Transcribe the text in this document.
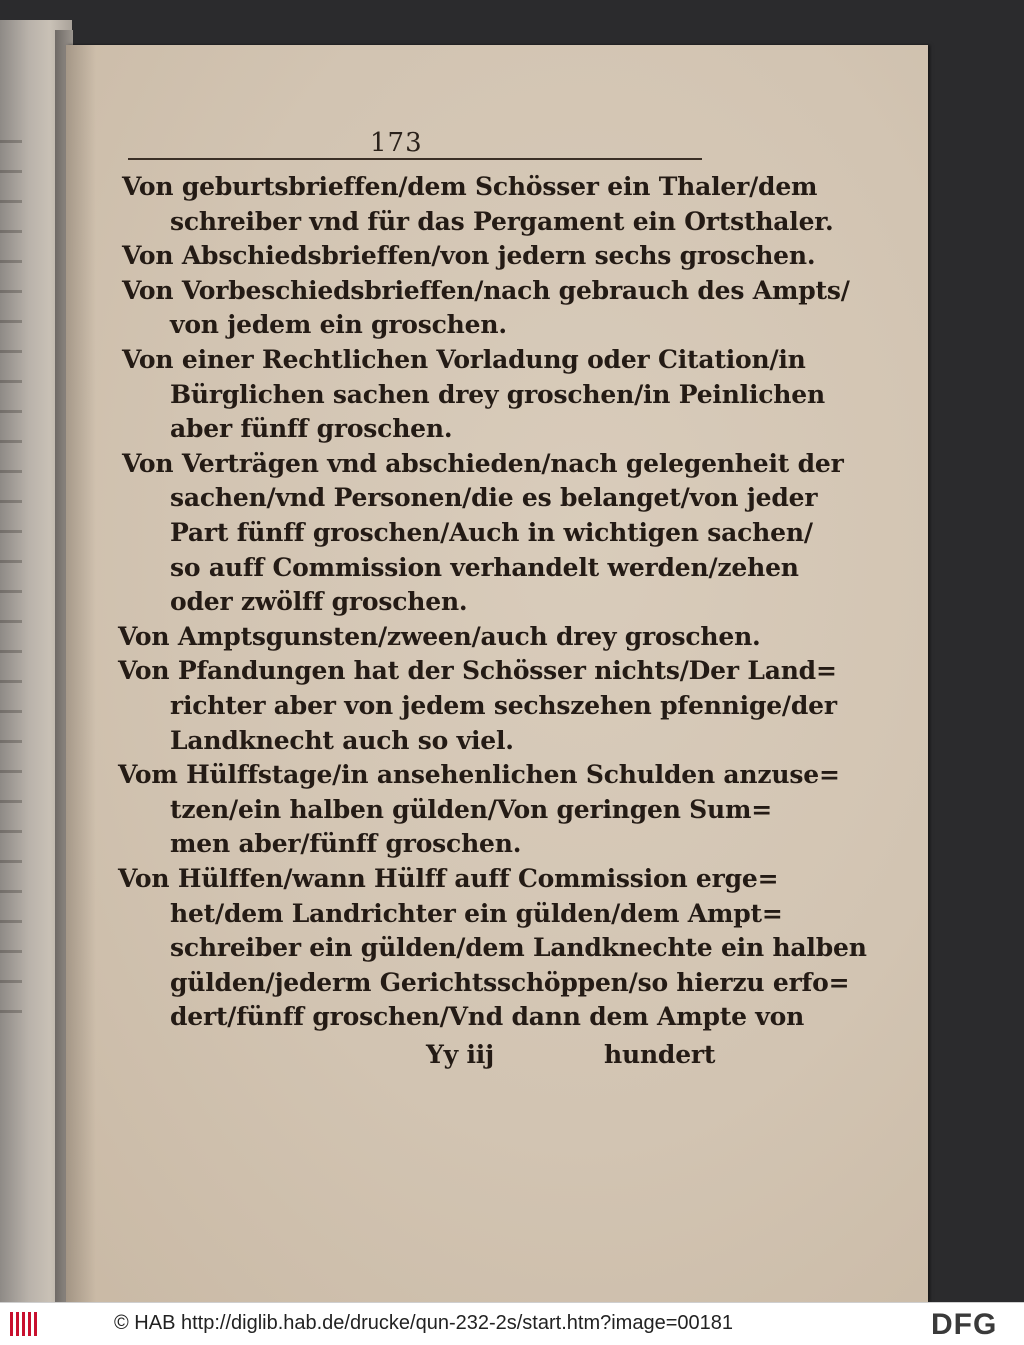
173
Von geburtsbrieffen/dem Schösser ein Thaler/dem
schreiber vnd für das Pergament ein Ortsthaler.
Von Abschiedsbrieffen/von jedern sechs groschen.
Von Vorbeschiedsbrieffen/nach gebrauch des Ampts/
von jedem ein groschen.
Von einer Rechtlichen Vorladung oder Citation/in
Bürglichen sachen drey groschen/in Peinlichen
aber fünff groschen.
Von Verträgen vnd abschieden/nach gelegenheit der
sachen/vnd Personen/die es belanget/von jeder
Part fünff groschen/Auch in wichtigen sachen/
so auff Commission verhandelt werden/zehen
oder zwölff groschen.
Von Amptsgunsten/zween/auch drey groschen.
Von Pfandungen hat der Schösser nichts/Der Land=
richter aber von jedem sechszehen pfennige/der
Landknecht auch so viel.
Vom Hülffstage/in ansehenlichen Schulden anzuse=
tzen/ein halben gülden/Von geringen Sum=
men aber/fünff groschen.
Von Hülffen/wann Hülff auff Commission erge=
het/dem Landrichter ein gülden/dem Ampt=
schreiber ein gülden/dem Landknechte ein halben
gülden/jederm Gerichtsschöppen/so hierzu erfo=
dert/fünff groschen/Vnd dann dem Ampte von
Yy iij	hundert
© HAB http://diglib.hab.de/drucke/qun-232-2s/start.htm?image=00181	DFG
